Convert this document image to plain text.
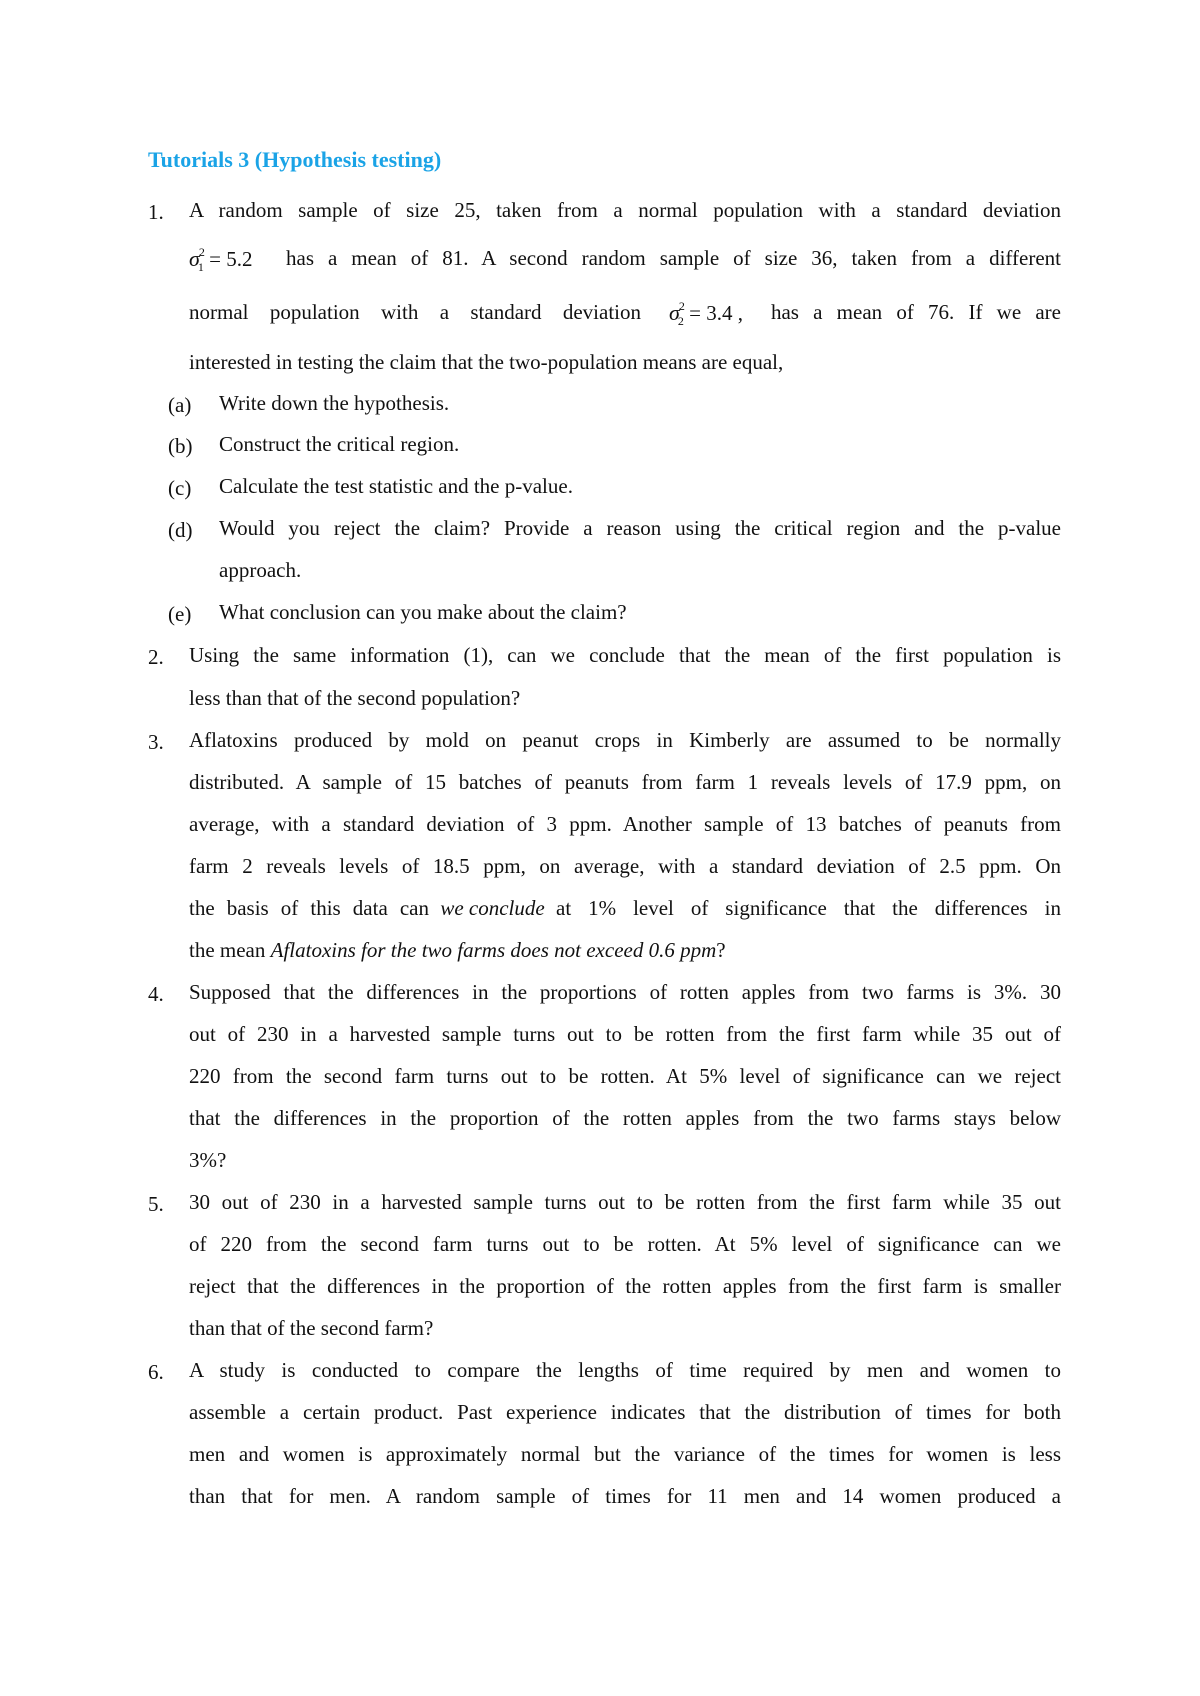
Tutorials 3 (Hypothesis testing)
1.	A random sample of size 25, taken from a normal population with a standard deviation
$\sigma^2_1 = 5.2$ has a mean of 81. A second random sample of size 36, taken from a different
normal population with a standard deviation $\sigma^2_2 = 3.4$ , has a mean of 76. If we are
interested in testing the claim that the two-population means are equal,
(a)	Write down the hypothesis.
(b)	Construct the critical region.
(c)	Calculate the test statistic and the p-value.
(d)	Would you reject the claim? Provide a reason using the critical region and the p-value
approach.
(e)	What conclusion can you make about the claim?
2.	Using the same information (1), can we conclude that the mean of the first population is
less than that of the second population?
3.	Aflatoxins produced by mold on peanut crops in Kimberly are assumed to be normally
distributed. A sample of 15 batches of peanuts from farm 1 reveals levels of 17.9 ppm, on
average, with a standard deviation of 3 ppm. Another sample of 13 batches of peanuts from
farm 2 reveals levels of 18.5 ppm, on average, with a standard deviation of 2.5 ppm. On
the basis of this data can we conclude at 1% level of significance that the differences in
the mean Aflatoxins for the two farms does not exceed 0.6 ppm?
4.	Supposed that the differences in the proportions of rotten apples from two farms is 3%. 30
out of 230 in a harvested sample turns out to be rotten from the first farm while 35 out of
220 from the second farm turns out to be rotten. At 5% level of significance can we reject
that the differences in the proportion of the rotten apples from the two farms stays below
3%?
5.	30 out of 230 in a harvested sample turns out to be rotten from the first farm while 35 out
of 220 from the second farm turns out to be rotten. At 5% level of significance can we
reject that the differences in the proportion of the rotten apples from the first farm is smaller
than that of the second farm?
6.	A study is conducted to compare the lengths of time required by men and women to
assemble a certain product. Past experience indicates that the distribution of times for both
men and women is approximately normal but the variance of the times for women is less
than that for men. A random sample of times for 11 men and 14 women produced a
